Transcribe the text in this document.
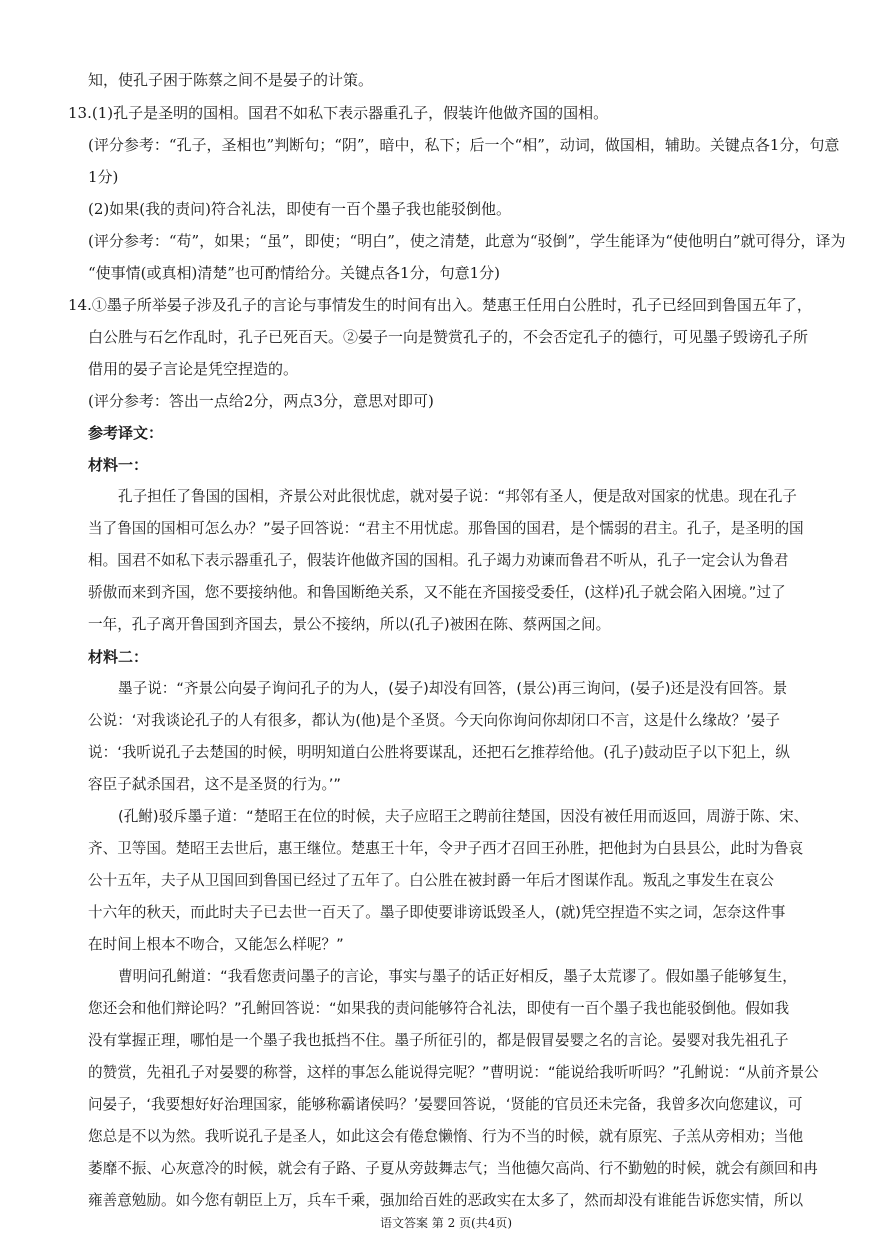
知，使孔子困于陈蔡之间不是晏子的计策。
13.(1)孔子是圣明的国相。国君不如私下表示器重孔子，假装许他做齐国的国相。
(评分参考：“孔子，圣相也”判断句；“阴”，暗中，私下；后一个“相”，动词，做国相，辅助。关键点各1分，句意
1分)
(2)如果(我的责问)符合礼法，即使有一百个墨子我也能驳倒他。
(评分参考：“苟”，如果；“虽”，即使；“明白”，使之清楚，此意为“驳倒”，学生能译为“使他明白”就可得分，译为
“使事情(或真相)清楚”也可酌情给分。关键点各1分，句意1分)
14.①墨子所举晏子涉及孔子的言论与事情发生的时间有出入。楚惠王任用白公胜时，孔子已经回到鲁国五年了，
白公胜与石乞作乱时，孔子已死百天。②晏子一向是赞赏孔子的，不会否定孔子的德行，可见墨子毁谤孔子所
借用的晏子言论是凭空捏造的。
(评分参考：答出一点给2分，两点3分，意思对即可)
参考译文：
材料一：
孔子担任了鲁国的国相，齐景公对此很忧虑，就对晏子说：“邦邻有圣人，便是敌对国家的忧患。现在孔子
当了鲁国的国相可怎么办？”晏子回答说：“君主不用忧虑。那鲁国的国君，是个懦弱的君主。孔子，是圣明的国
相。国君不如私下表示器重孔子，假装许他做齐国的国相。孔子竭力劝谏而鲁君不听从，孔子一定会认为鲁君
骄傲而来到齐国，您不要接纳他。和鲁国断绝关系，又不能在齐国接受委任，(这样)孔子就会陷入困境。”过了
一年，孔子离开鲁国到齐国去，景公不接纳，所以(孔子)被困在陈、蔡两国之间。
材料二：
墨子说：“齐景公向晏子询问孔子的为人，(晏子)却没有回答，(景公)再三询问，(晏子)还是没有回答。景
公说：‘对我谈论孔子的人有很多，都认为(他)是个圣贤。今天向你询问你却闭口不言，这是什么缘故？’晏子
说：‘我听说孔子去楚国的时候，明明知道白公胜将要谋乱，还把石乞推荐给他。(孔子)鼓动臣子以下犯上，纵
容臣子弑杀国君，这不是圣贤的行为。’”
(孔鲋)驳斥墨子道：“楚昭王在位的时候，夫子应昭王之聘前往楚国，因没有被任用而返回，周游于陈、宋、
齐、卫等国。楚昭王去世后，惠王继位。楚惠王十年，令尹子西才召回王孙胜，把他封为白县县公，此时为鲁哀
公十五年，夫子从卫国回到鲁国已经过了五年了。白公胜在被封爵一年后才图谋作乱。叛乱之事发生在哀公
十六年的秋天，而此时夫子已去世一百天了。墨子即使要诽谤诋毁圣人，(就)凭空捏造不实之词，怎奈这件事
在时间上根本不吻合，又能怎么样呢？”
曹明问孔鲋道：“我看您责问墨子的言论，事实与墨子的话正好相反，墨子太荒谬了。假如墨子能够复生，
您还会和他们辩论吗？”孔鲋回答说：“如果我的责问能够符合礼法，即使有一百个墨子我也能驳倒他。假如我
没有掌握正理，哪怕是一个墨子我也抵挡不住。墨子所征引的，都是假冒晏婴之名的言论。晏婴对我先祖孔子
的赞赏，先祖孔子对晏婴的称誉，这样的事怎么能说得完呢？”曹明说：“能说给我听听吗？”孔鲋说：“从前齐景公
问晏子，‘我要想好好治理国家，能够称霸诸侯吗？’晏婴回答说，‘贤能的官员还未完备，我曾多次向您建议，可
您总是不以为然。我听说孔子是圣人，如此这会有倦怠懒惰、行为不当的时候，就有原宪、子羔从旁相劝；当他
萎靡不振、心灰意冷的时候，就会有子路、子夏从旁鼓舞志气；当他德欠高尚、行不勤勉的时候，就会有颜回和冉
雍善意勉励。如今您有朝臣上万，兵车千乘，强加给百姓的恶政实在太多了，然而却没有谁能告诉您实情，所以
语文答案 第 2 页(共4页)
